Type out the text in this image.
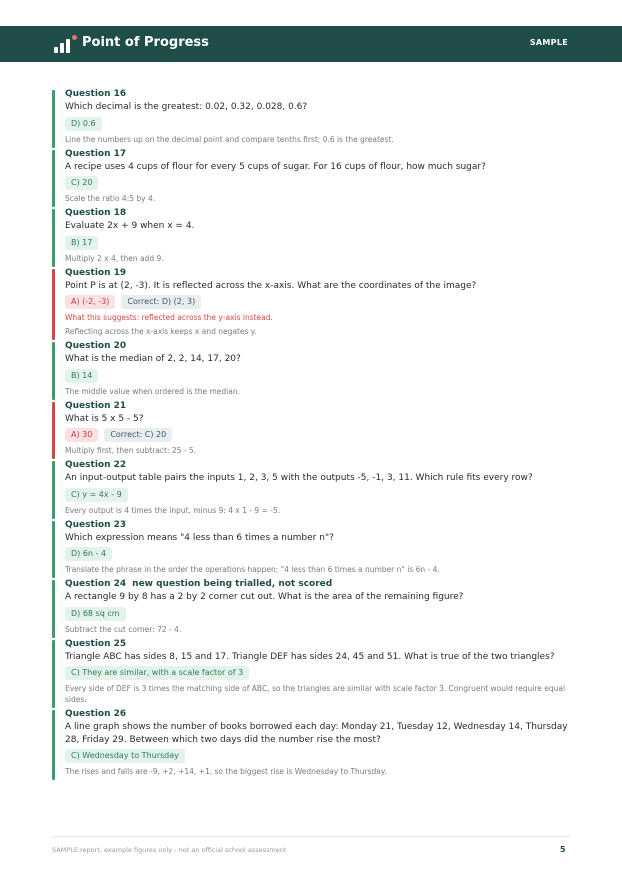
Point of Progress	SAMPLE
Question 16
Which decimal is the greatest: 0.02, 0.32, 0.028, 0.6?
D) 0.6
Line the numbers up on the decimal point and compare tenths first; 0.6 is the greatest.
Question 17
A recipe uses 4 cups of flour for every 5 cups of sugar. For 16 cups of flour, how much sugar?
C) 20
Scale the ratio 4:5 by 4.
Question 18
Evaluate 2x + 9 when x = 4.
B) 17
Multiply 2 x 4, then add 9.
Question 19
Point P is at (2, -3). It is reflected across the x-axis. What are the coordinates of the image?
A) (-2, -3)	Correct: D) (2, 3)
What this suggests: reflected across the y-axis instead.
Reflecting across the x-axis keeps x and negates y.
Question 20
What is the median of 2, 2, 14, 17, 20?
B) 14
The middle value when ordered is the median.
Question 21
What is 5 x 5 - 5?
A) 30	Correct: C) 20
Multiply first, then subtract: 25 - 5.
Question 22
An input-output table pairs the inputs 1, 2, 3, 5 with the outputs -5, -1, 3, 11. Which rule fits every row?
C) y = 4x - 9
Every output is 4 times the input, minus 9: 4 x 1 - 9 = -5.
Question 23
Which expression means "4 less than 6 times a number n"?
D) 6n - 4
Translate the phrase in the order the operations happen; "4 less than 6 times a number n" is 6n - 4.
Question 24 new question being trialled, not scored
A rectangle 9 by 8 has a 2 by 2 corner cut out. What is the area of the remaining figure?
D) 68 sq cm
Subtract the cut corner: 72 - 4.
Question 25
Triangle ABC has sides 8, 15 and 17. Triangle DEF has sides 24, 45 and 51. What is true of the two triangles?
C) They are similar, with a scale factor of 3
Every side of DEF is 3 times the matching side of ABC, so the triangles are similar with scale factor 3. Congruent would require equal sides.
Question 26
A line graph shows the number of books borrowed each day: Monday 21, Tuesday 12, Wednesday 14, Thursday 28, Friday 29. Between which two days did the number rise the most?
C) Wednesday to Thursday
The rises and falls are -9, +2, +14, +1, so the biggest rise is Wednesday to Thursday.
SAMPLE report, example figures only - not an official school assessment	5
